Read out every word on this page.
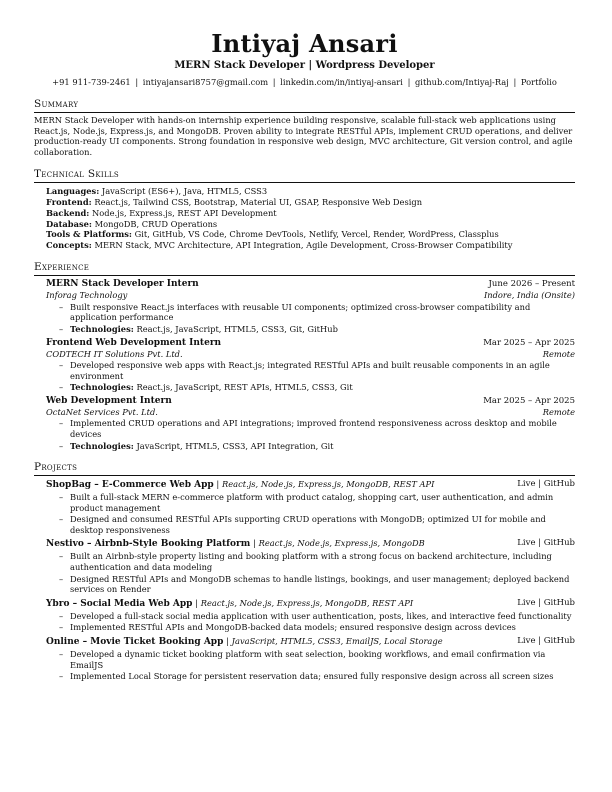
Intiyaj Ansari
MERN Stack Developer | Wordpress Developer
+91 911-739-2461 | intiyajansari8757@gmail.com | linkedin.com/in/intiyaj-ansari | github.com/Intiyaj-Raj | Portfolio
Summary
MERN Stack Developer with hands-on internship experience building responsive, scalable full-stack web applications using React.js, Node.js, Express.js, and MongoDB. Proven ability to integrate RESTful APIs, implement CRUD operations, and deliver production-ready UI components. Strong foundation in responsive web design, MVC architecture, Git version control, and agile collaboration.
Technical Skills
Languages: JavaScript (ES6+), Java, HTML5, CSS3
Frontend: React.js, Tailwind CSS, Bootstrap, Material UI, GSAP, Responsive Web Design
Backend: Node.js, Express.js, REST API Development
Database: MongoDB, CRUD Operations
Tools & Platforms: Git, GitHub, VS Code, Chrome DevTools, Netlify, Vercel, Render, WordPress, Classplus
Concepts: MERN Stack, MVC Architecture, API Integration, Agile Development, Cross-Browser Compatibility
Experience
MERN Stack Developer Intern	June 2026 – Present
Inforag Technology	Indore, India (Onsite)
– Built responsive React.js interfaces with reusable UI components; optimized cross-browser compatibility and application performance
– Technologies: React.js, JavaScript, HTML5, CSS3, Git, GitHub
Frontend Web Development Intern	Mar 2025 – Apr 2025
CODTECH IT Solutions Pvt. Ltd.	Remote
– Developed responsive web apps with React.js; integrated RESTful APIs and built reusable components in an agile environment
– Technologies: React.js, JavaScript, REST APIs, HTML5, CSS3, Git
Web Development Intern	Mar 2025 – Apr 2025
OctaNet Services Pvt. Ltd.	Remote
– Implemented CRUD operations and API integrations; improved frontend responsiveness across desktop and mobile devices
– Technologies: JavaScript, HTML5, CSS3, API Integration, Git
Projects
ShopBag – E-Commerce Web App | React.js, Node.js, Express.js, MongoDB, REST API	Live | GitHub
– Built a full-stack MERN e-commerce platform with product catalog, shopping cart, user authentication, and admin product management
– Designed and consumed RESTful APIs supporting CRUD operations with MongoDB; optimized UI for mobile and desktop responsiveness
Nestivo – Airbnb-Style Booking Platform | React.js, Node.js, Express.js, MongoDB	Live | GitHub
– Built an Airbnb-style property listing and booking platform with a strong focus on backend architecture, including authentication and data modeling
– Designed RESTful APIs and MongoDB schemas to handle listings, bookings, and user management; deployed backend services on Render
Ybro – Social Media Web App | React.js, Node.js, Express.js, MongoDB, REST API	Live | GitHub
– Developed a full-stack social media application with user authentication, posts, likes, and interactive feed functionality
– Implemented RESTful APIs and MongoDB-backed data models; ensured responsive design across devices
Online – Movie Ticket Booking App | JavaScript, HTML5, CSS3, EmailJS, Local Storage	Live | GitHub
– Developed a dynamic ticket booking platform with seat selection, booking workflows, and email confirmation via EmailJS
– Implemented Local Storage for persistent reservation data; ensured fully responsive design across all screen sizes
